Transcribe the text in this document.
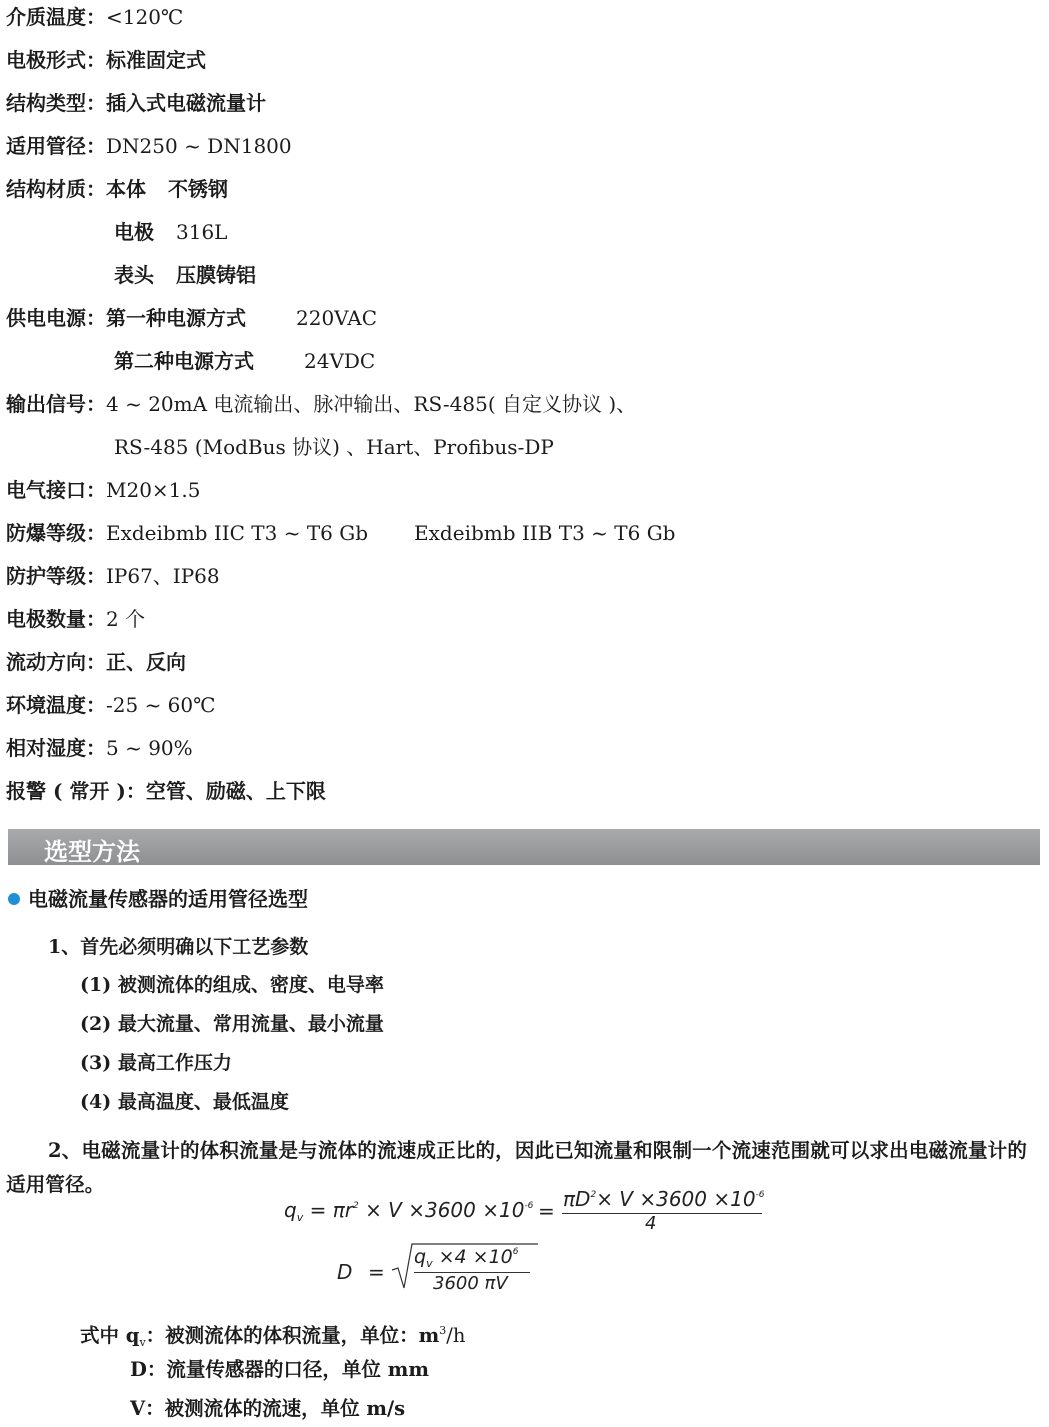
介质温度：<120℃
电极形式：标准固定式
结构类型：插入式电磁流量计
适用管径：DN250 ~ DN1800
结构材质：本体 不锈钢
电极 316L
表头 压膜铸铝
供电电源：第一种电源方式	220VAC
第二种电源方式	24VDC
输出信号：4 ~ 20mA 电流输出、脉冲输出、RS-485( 自定义协议 )、
RS-485 (ModBus 协议) 、Hart、Profibus-DP
电气接口：M20×1.5
防爆等级：Exdeibmb IIC T3 ~ T6 Gb Exdeibmb IIB T3 ~ T6 Gb
防护等级：IP67、IP68
电极数量：2 个
流动方向：正、反向
环境温度：-25 ~ 60℃
相对湿度：5 ~ 90%
报警 ( 常开 )：空管、励磁、上下限
选型方法
电磁流量传感器的适用管径选型
1、首先必须明确以下工艺参数
(1) 被测流体的组成、密度、电导率
(2) 最大流量、常用流量、最小流量
(3) 最高工作压力
(4) 最高温度、最低温度
2、电磁流量计的体积流量是与流体的流速成正比的，因此已知流量和限制一个流速范围就可以求出电磁流量计的适用管径。
$q_v = \pi r^2 \times V \times 3600 \times 10^{-6} = \pi D^2\times V \times 3600 \times 10^{-6}$
4
D =
$q_v \times 4 \times 10^6$
3600 πV
式中 $q_v$：被测流体的体积流量，单位：$m^3/h$
D：流量传感器的口径，单位 mm
V：被测流体的流速，单位 m/s
